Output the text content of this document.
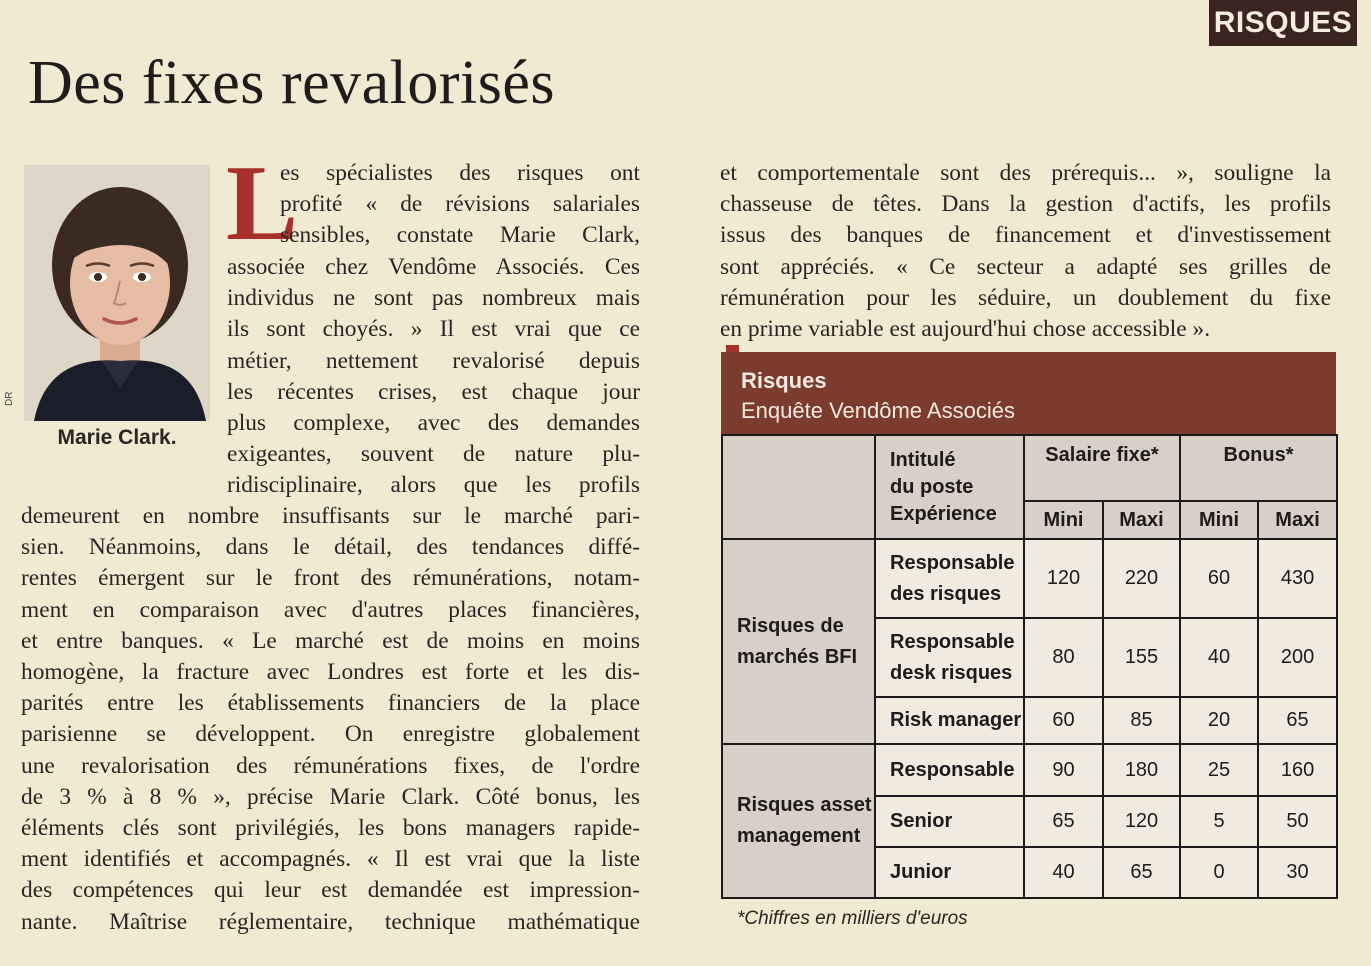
RISQUES
Des fixes revalorisés
DR
Marie Clark.
L
es spécialistes des risques ont
profité « de révisions salariales
sensibles, constate Marie Clark,
associée chez Vendôme Associés. Ces
individus ne sont pas nombreux mais
ils sont choyés. » Il est vrai que ce
métier, nettement revalorisé depuis
les récentes crises, est chaque jour
plus complexe, avec des demandes
exigeantes, souvent de nature plu-
ridisciplinaire, alors que les profils
demeurent en nombre insuffisants sur le marché pari-
sien. Néanmoins, dans le détail, des tendances diffé-
rentes émergent sur le front des rémunérations, notam-
ment en comparaison avec d'autres places financières,
et entre banques. « Le marché est de moins en moins
homogène, la fracture avec Londres est forte et les dis-
parités entre les établissements financiers de la place
parisienne se développent. On enregistre globalement
une revalorisation des rémunérations fixes, de l'ordre
de 3 % à 8 % », précise Marie Clark. Côté bonus, les
éléments clés sont privilégiés, les bons managers rapide-
ment identifiés et accompagnés. « Il est vrai que la liste
des compétences qui leur est demandée est impression-
nante. Maîtrise réglementaire, technique mathématique
et comportementale sont des prérequis... », souligne la
chasseuse de têtes. Dans la gestion d'actifs, les profils
issus des banques de financement et d'investissement
sont appréciés. « Ce secteur a adapté ses grilles de
rémunération pour les séduire, un doublement du fixe
en prime variable est aujourd'hui chose accessible ».
Risques
Enquête Vendôme Associés

	Intitulé
du poste
Expérience	Salaire fixe*		Bonus*	
		Mini	Maxi	Mini	Maxi

Risques de
marchés BFI	Responsable
des risques	120	220	60	430

	Responsable
desk risques	80	155	40	200
	Risk manager	60	85	20	65

Risques asset
management	Responsable	90	180	25	160
	Senior	65	120	5	50
	Junior	40	65	0	30
*Chiffres en milliers d'euros
